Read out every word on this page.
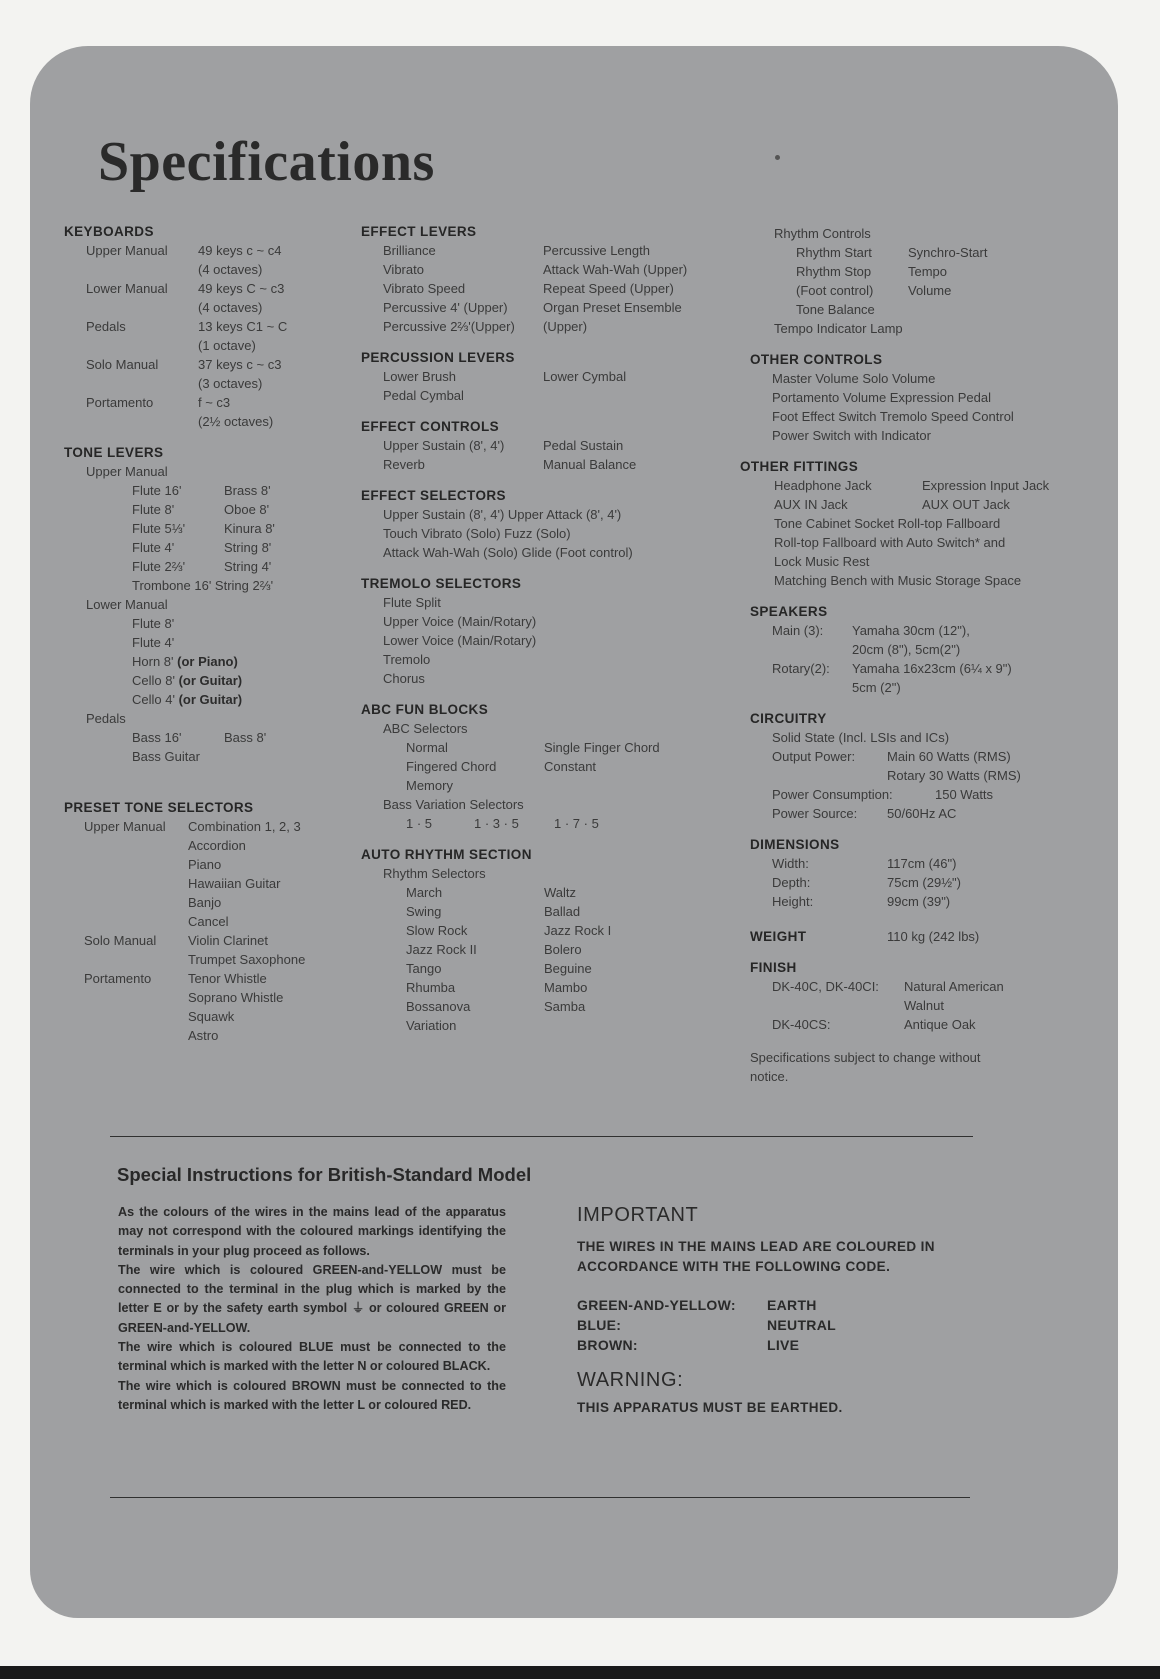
Specifications
KEYBOARDS
Upper Manual	49 keys c ~ c4
(4 octaves)
Lower Manual	49 keys C ~ c3
(4 octaves)
Pedals	13 keys C1 ~ C
(1 octave)
Solo Manual	37 keys c ~ c3
(3 octaves)
Portamento	f ~ c3
(2½ octaves)
TONE LEVERS
Upper Manual
Flute 16'	Brass 8'
Flute 8'	Oboe 8'
Flute 5⅓'	Kinura 8'
Flute 4'	String 8'
Flute 2⅔'	String 4'
Trombone 16' String 2⅔'
Lower Manual
Flute 8'
Flute 4'
Horn 8' (or Piano)
Cello 8' (or Guitar)
Cello 4' (or Guitar)
Pedals
Bass 16'	Bass 8'
Bass Guitar
PRESET TONE SELECTORS
Upper Manual	Combination 1, 2, 3
Accordion
Piano
Hawaiian Guitar
Banjo
Cancel
Solo Manual	Violin Clarinet
Trumpet Saxophone
Portamento	Tenor Whistle
Soprano Whistle
Squawk
Astro
EFFECT LEVERS
Brilliance	Percussive Length
Vibrato	Attack Wah-Wah (Upper)
Vibrato Speed	Repeat Speed (Upper)
Percussive 4' (Upper)	Organ Preset Ensemble
Percussive 2⅔'(Upper)	(Upper)
PERCUSSION LEVERS
Lower Brush	Lower Cymbal
Pedal Cymbal
EFFECT CONTROLS
Upper Sustain (8', 4')	Pedal Sustain
Reverb	Manual Balance
EFFECT SELECTORS
Upper Sustain (8', 4') Upper Attack (8', 4')
Touch Vibrato (Solo) Fuzz (Solo)
Attack Wah-Wah (Solo) Glide (Foot control)
TREMOLO SELECTORS
Flute Split
Upper Voice (Main/Rotary)
Lower Voice (Main/Rotary)
Tremolo
Chorus
ABC FUN BLOCKS
ABC Selectors
Normal	Single Finger Chord
Fingered Chord	Constant
Memory
Bass Variation Selectors
1 · 5	1 · 3 · 5	1 · 7 · 5
AUTO RHYTHM SECTION
Rhythm Selectors
March	Waltz
Swing	Ballad
Slow Rock	Jazz Rock I
Jazz Rock II	Bolero
Tango	Beguine
Rhumba	Mambo
Bossanova	Samba
Variation
Rhythm Controls
Rhythm Start	Synchro-Start
Rhythm Stop	Tempo
(Foot control)	Volume
Tone Balance
Tempo Indicator Lamp
OTHER CONTROLS
Master Volume Solo Volume
Portamento Volume Expression Pedal
Foot Effect Switch Tremolo Speed Control
Power Switch with Indicator
OTHER FITTINGS
Headphone Jack	Expression Input Jack
AUX IN Jack	AUX OUT Jack
Tone Cabinet Socket Roll-top Fallboard
Roll-top Fallboard with Auto Switch* and
Lock Music Rest
Matching Bench with Music Storage Space
SPEAKERS
Main (3):	Yamaha 30cm (12"),
20cm (8"), 5cm(2")
Rotary(2):	Yamaha 16x23cm (6¼ x 9")
5cm (2")
CIRCUITRY
Solid State (Incl. LSIs and ICs)
Output Power:	Main 60 Watts (RMS)
Rotary 30 Watts (RMS)
Power Consumption:	150 Watts
Power Source:	50/60Hz AC
DIMENSIONS
Width:	117cm (46")
Depth:	75cm (29½")
Height:	99cm (39")
WEIGHT	110 kg (242 lbs)
FINISH
DK-40C, DK-40CI:	Natural American
Walnut
DK-40CS:	Antique Oak
Specifications subject to change without
notice.
Special Instructions for British-Standard Model

As the colours of the wires in the mains lead of the apparatus may not correspond with the coloured markings identifying the terminals in your plug proceed as follows.

The wire which is coloured GREEN-and-YELLOW must be connected to the terminal in the plug which is marked by the letter E or by the safety earth symbol ⏚ or coloured GREEN or GREEN-and-YELLOW.

The wire which is coloured BLUE must be connected to the terminal which is marked with the letter N or coloured BLACK.

The wire which is coloured BROWN must be connected to the terminal which is marked with the letter L or coloured RED.

IMPORTANT
THE WIRES IN THE MAINS LEAD ARE COLOURED IN ACCORDANCE WITH THE FOLLOWING CODE.
GREEN-AND-YELLOW:	EARTH
BLUE:	NEUTRAL
BROWN:	LIVE
WARNING:
THIS APPARATUS MUST BE EARTHED.
